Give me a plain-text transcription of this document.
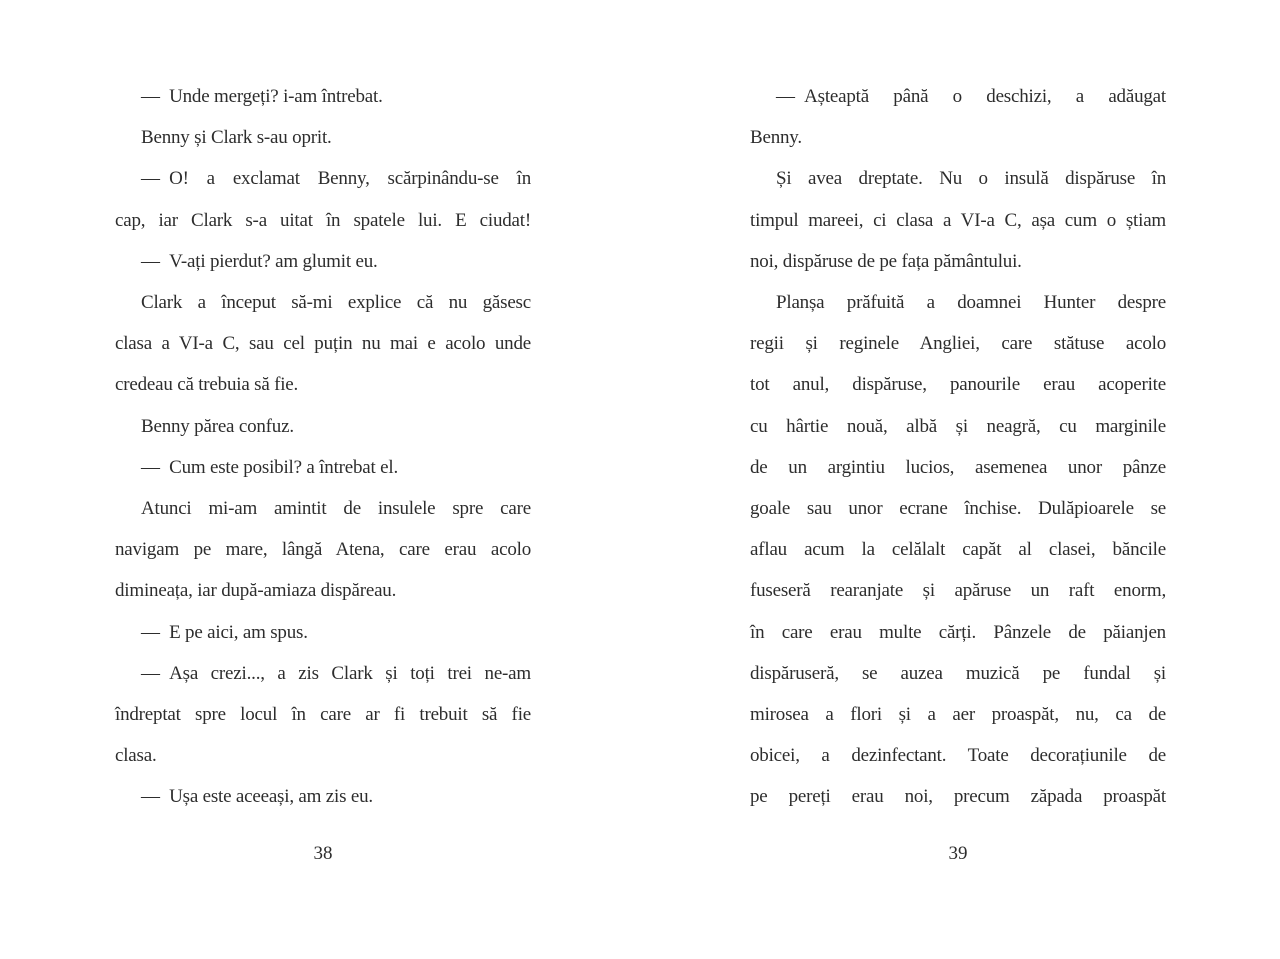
— Unde mergeți? i-am întrebat.
Benny și Clark s-au oprit.
— O! a exclamat Benny, scărpinându-se în
cap, iar Clark s-a uitat în spatele lui. E ciudat!
— V-ați pierdut? am glumit eu.
Clark a început să-mi explice că nu găsesc
clasa a VI-a C, sau cel puțin nu mai e acolo unde
credeau că trebuia să fie.
Benny părea confuz.
— Cum este posibil? a întrebat el.
Atunci mi-am amintit de insulele spre care
navigam pe mare, lângă Atena, care erau acolo
dimineața, iar după-amiaza dispăreau.
— E pe aici, am spus.
— Așa crezi..., a zis Clark și toți trei ne-am
îndreptat spre locul în care ar fi trebuit să fie
clasa.
— Ușa este aceeași, am zis eu.
38
— Așteaptă până o deschizi, a adăugat
Benny.
Și avea dreptate. Nu o insulă dispăruse în
timpul mareei, ci clasa a VI-a C, așa cum o știam
noi, dispăruse de pe fața pământului.
Planșa prăfuită a doamnei Hunter despre
regii și reginele Angliei, care stătuse acolo
tot anul, dispăruse, panourile erau acoperite
cu hârtie nouă, albă și neagră, cu marginile
de un argintiu lucios, asemenea unor pânze
goale sau unor ecrane închise. Dulăpioarele se
aflau acum la celălalt capăt al clasei, băncile
fuseseră rearanjate și apăruse un raft enorm,
în care erau multe cărți. Pânzele de păianjen
dispăruseră, se auzea muzică pe fundal și
mirosea a flori și a aer proaspăt, nu, ca de
obicei, a dezinfectant. Toate decorațiunile de
pe pereți erau noi, precum zăpada proaspăt
39
